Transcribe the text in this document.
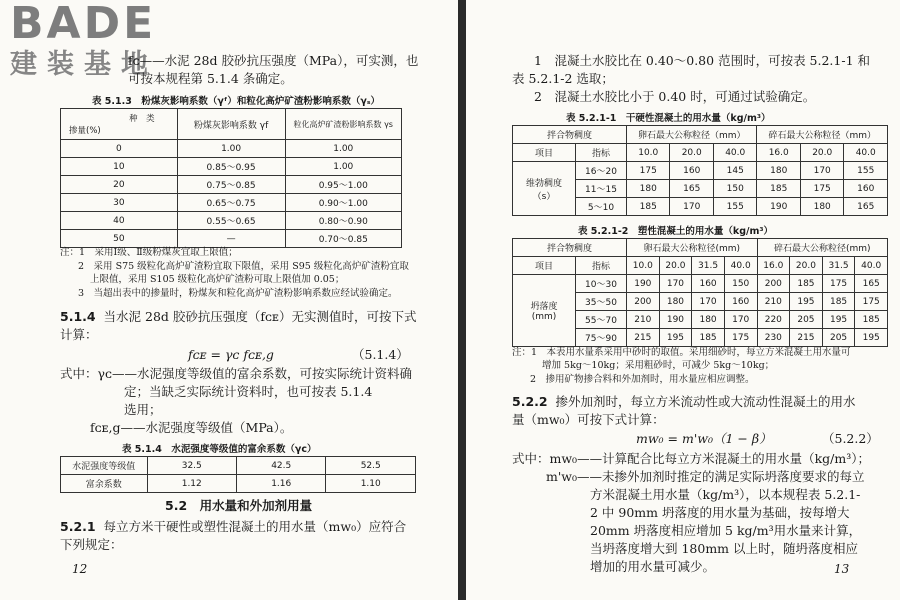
BADE
建装基地
fᴄ——水泥 28d 胶砂抗压强度（MPa），可实测，也
可按本规程第 5.1.4 条确定。
表 5.1.3　粉煤灰影响系数（γᶠ）和粒化高炉矿渣粉影响系数（γₛ）
种　类
掺量(%)	粉煤灰影响系数 γf	粒化高炉矿渣粉影响系数 γs
0	1.00	1.00
10	0.85～0.95	1.00
20	0.75～0.85	0.95～1.00
30	0.65～0.75	0.90～1.00
40	0.55～0.65	0.80～0.90
50	—	0.70～0.85
注：1　采用Ⅰ级、Ⅱ级粉煤灰宜取上限值；
2　采用 S75 级粒化高炉矿渣粉宜取下限值，采用 S95 级粒化高炉矿渣粉宜取
上限值，采用 S105 级粒化高炉矿渣粉可取上限值加 0.05；
3　当超出表中的掺量时，粉煤灰和粒化高炉矿渣粉影响系数应经试验确定。
5.1.4 当水泥 28d 胶砂抗压强度（fᴄᴇ）无实测值时，可按下式
计算：
fᴄᴇ = γᴄ fᴄᴇ,g	（5.1.4）
式中：γᴄ——水泥强度等级值的富余系数，可按实际统计资料确
定；当缺乏实际统计资料时，也可按表 5.1.4
选用；
fᴄᴇ,g——水泥强度等级值（MPa）。
表 5.1.4　水泥强度等级值的富余系数（γᴄ）
水泥强度等级值	32.5	42.5	52.5
富余系数	1.12	1.16	1.10
5.2　用水量和外加剂用量
5.2.1 每立方米干硬性或塑性混凝土的用水量（mᴡ₀）应符合
下列规定：
12
1　混凝土水胶比在 0.40～0.80 范围时，可按表 5.2.1-1 和
表 5.2.1-2 选取；
2　混凝土水胶比小于 0.40 时，可通过试验确定。
表 5.2.1-1　干硬性混凝土的用水量（kg/m³）
拌合物稠度		卵石最大公称粒径（mm）			碎石最大公称粒径（mm）		
项目	指标	10.0	20.0	40.0	16.0	20.0	40.0

维勃稠度
（s）	16～20	175	160	145	180	170	155
	11～15	180	165	150	185	175	160
	5～10	185	170	155	190	180	165
表 5.2.1-2　塑性混凝土的用水量（kg/m³）
拌合物稠度		卵石最大公称粒径(mm)				碎石最大公称粒径(mm)			
项目	指标	10.0	20.0	31.5	40.0	16.0	20.0	31.5	40.0

坍落度
(mm)	10～30	190	170	160	150	200	185	175	165
	35～50	200	180	170	160	210	195	185	175
	55～70	210	190	180	170	220	205	195	185
	75～90	215	195	185	175	230	215	205	195
注：1　本表用水量系采用中砂时的取值。采用细砂时，每立方米混凝土用水量可
增加 5kg～10kg；采用粗砂时，可减少 5kg～10kg；
2　掺用矿物掺合料和外加剂时，用水量应相应调整。
5.2.2 掺外加剂时，每立方米流动性或大流动性混凝土的用水
量（mᴡ₀）可按下式计算：
mᴡ₀ = m'ᴡ₀（1 − β）	（5.2.2）
式中：mᴡ₀——计算配合比每立方米混凝土的用水量（kg/m³）；
m'ᴡ₀——未掺外加剂时推定的满足实际坍落度要求的每立
方米混凝土用水量（kg/m³），以本规程表 5.2.1-
2 中 90mm 坍落度的用水量为基础，按每增大
20mm 坍落度相应增加 5 kg/m³用水量来计算，
当坍落度增大到 180mm 以上时，随坍落度相应
增加的用水量可减少。	13
